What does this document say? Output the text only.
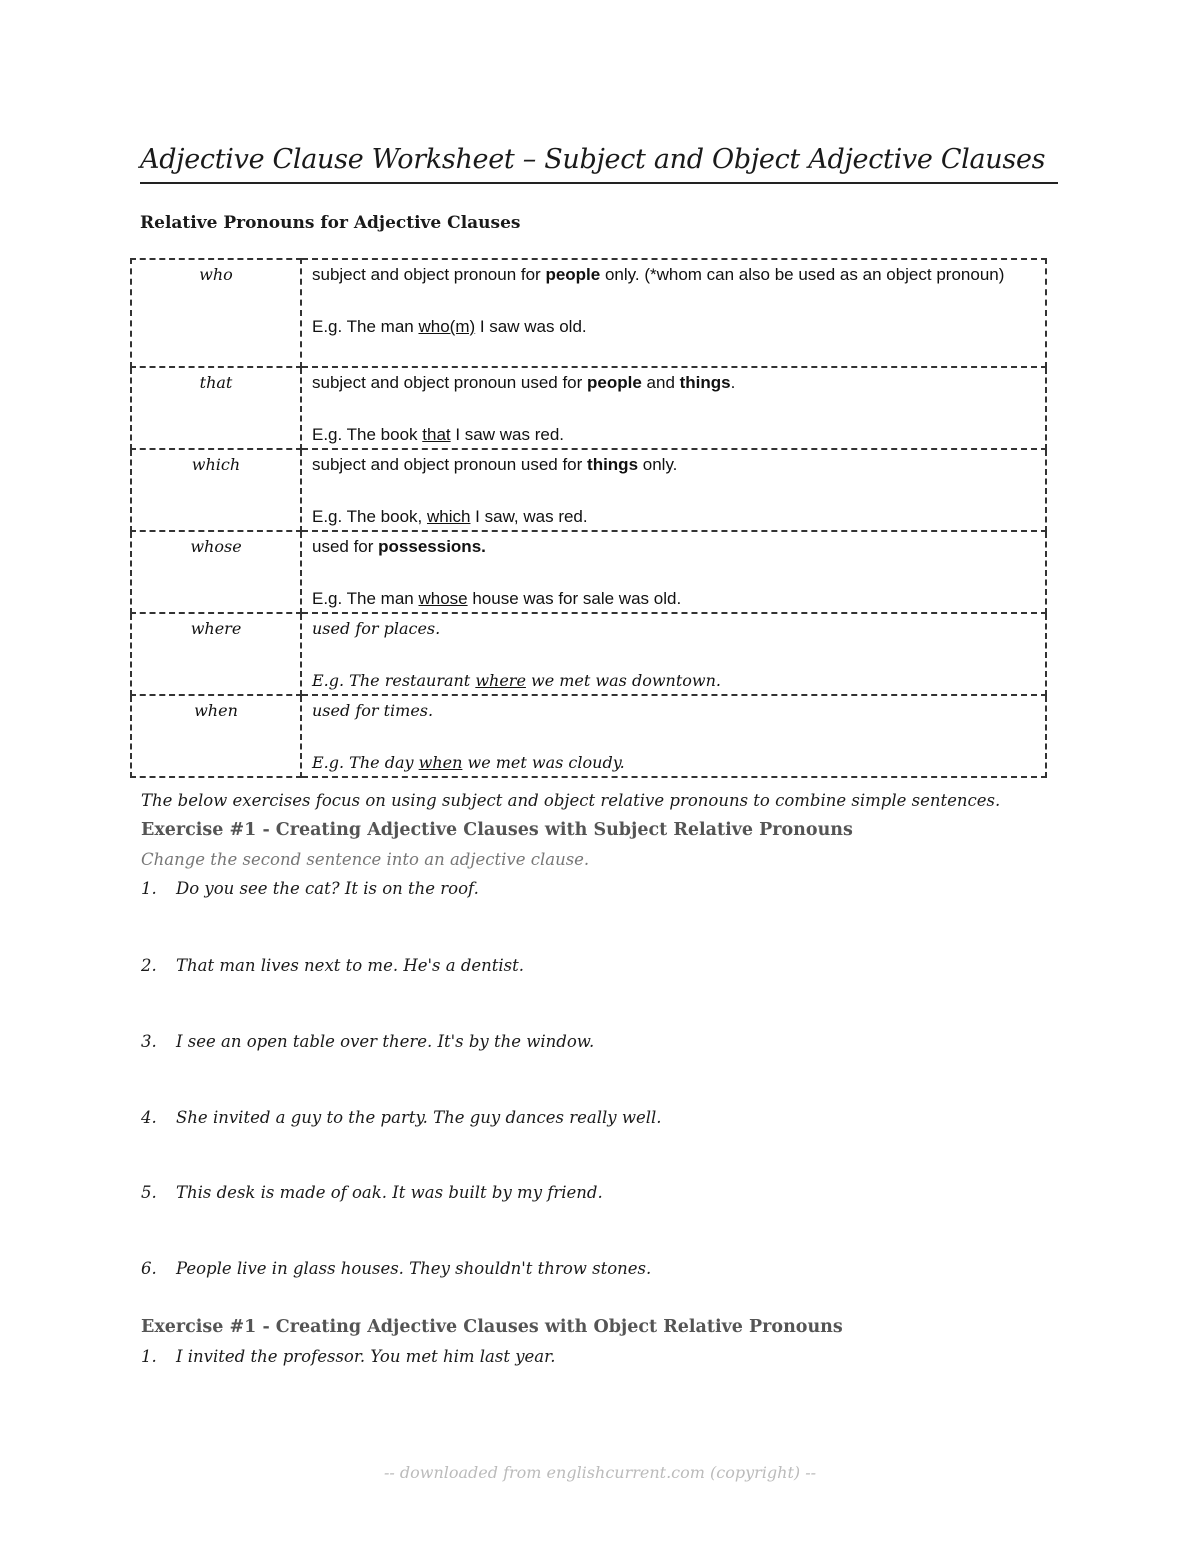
Adjective Clause Worksheet – Subject and Object Adjective Clauses
Relative Pronouns for Adjective Clauses
who	subject and object pronoun for people only. (*whom can also be used as an object pronoun)
E.g. The man who(m) I saw was old.

that	subject and object pronoun used for people and things.
E.g. The book that I saw was red.

which	subject and object pronoun used for things only.
E.g. The book, which I saw, was red.

whose	used for possessions.
E.g. The man whose house was for sale was old.

where	used for places.
E.g. The restaurant where we met was downtown.

when	used for times.
E.g. The day when we met was cloudy.
The below exercises focus on using subject and object relative pronouns to combine simple sentences.
Exercise #1 - Creating Adjective Clauses with Subject Relative Pronouns
Change the second sentence into an adjective clause.
1. Do you see the cat? It is on the roof.
2. That man lives next to me. He's a dentist.
3. I see an open table over there. It's by the window.
4. She invited a guy to the party. The guy dances really well.
5. This desk is made of oak. It was built by my friend.
6. People live in glass houses. They shouldn't throw stones.
Exercise #1 - Creating Adjective Clauses with Object Relative Pronouns
1. I invited the professor. You met him last year.
-- downloaded from englishcurrent.com (copyright) --
